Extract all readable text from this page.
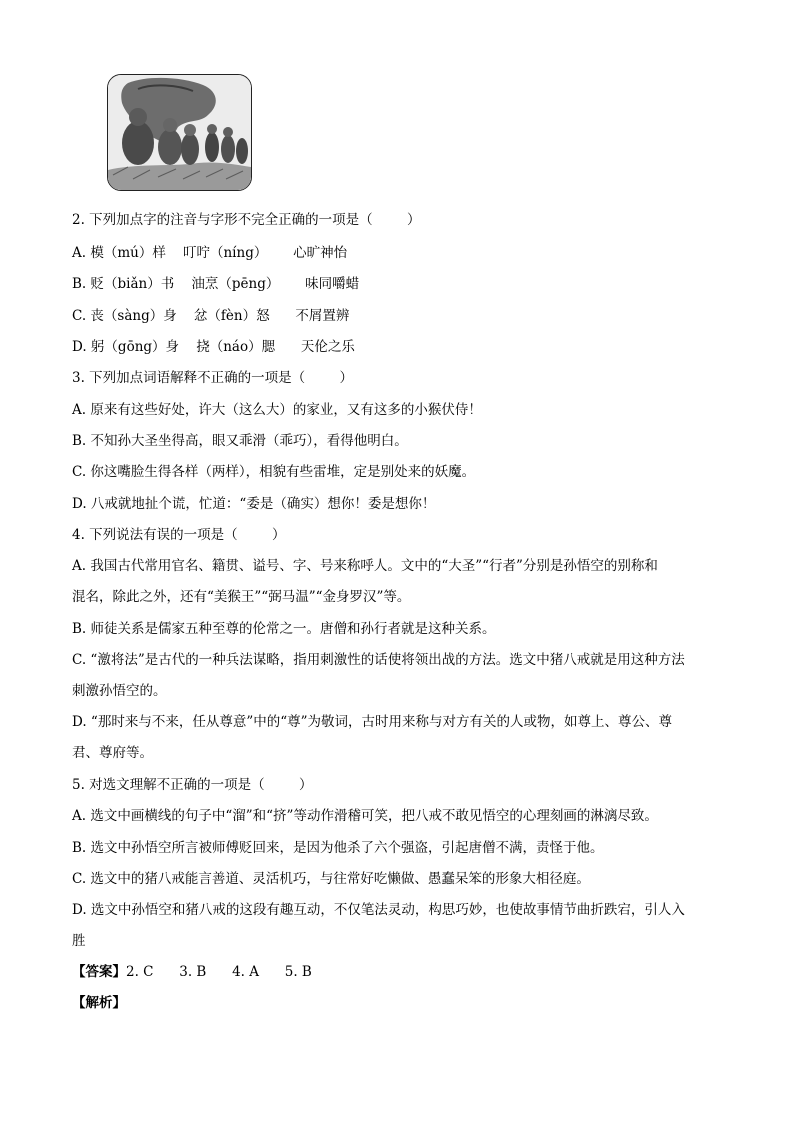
2. 下列加点字的注音与字形不完全正确的一项是（        ）
A. 模（mú）样    叮咛（níng）      心旷神怡
B. 贬（biǎn）书    油烹（pēng）      味同嚼蜡
C. 丧（sàng）身    忿（fèn）怒      不屑置辨
D. 躬（gōng）身    挠（náo）腮      天伦之乐
3. 下列加点词语解释不正确的一项是（        ）
A. 原来有这些好处，许大（这么大）的家业，又有这多的小猴伏侍！
B. 不知孙大圣坐得高，眼又乖滑（乖巧），看得他明白。
C. 你这嘴脸生得各样（两样），相貌有些雷堆，定是别处来的妖魔。
D. 八戒就地扯个谎，忙道：“委是（确实）想你！委是想你！
4. 下列说法有误的一项是（        ）
A. 我国古代常用官名、籍贯、谥号、字、号来称呼人。文中的“大圣”“行者”分别是孙悟空的别称和
混名，除此之外，还有“美猴王”“弼马温”“金身罗汉”等。
B. 师徒关系是儒家五种至尊的伦常之一。唐僧和孙行者就是这种关系。
C. “激将法”是古代的一种兵法谋略，指用刺激性的话使将领出战的方法。选文中猪八戒就是用这种方法
刺激孙悟空的。
D. “那时来与不来，任从尊意”中的“尊”为敬词，古时用来称与对方有关的人或物，如尊上、尊公、尊
君、尊府等。
5. 对选文理解不正确的一项是（        ）
A. 选文中画横线的句子中“溜”和“挤”等动作滑稽可笑，把八戒不敢见悟空的心理刻画的淋漓尽致。
B. 选文中孙悟空所言被师傅贬回来，是因为他杀了六个强盗，引起唐僧不满，责怪于他。
C. 选文中的猪八戒能言善道、灵活机巧，与往常好吃懒做、愚蠢呆笨的形象大相径庭。
D. 选文中孙悟空和猪八戒的这段有趣互动，不仅笔法灵动，构思巧妙，也使故事情节曲折跌宕，引人入
胜
【答案】2. C      3. B      4. A      5. B
【解析】
